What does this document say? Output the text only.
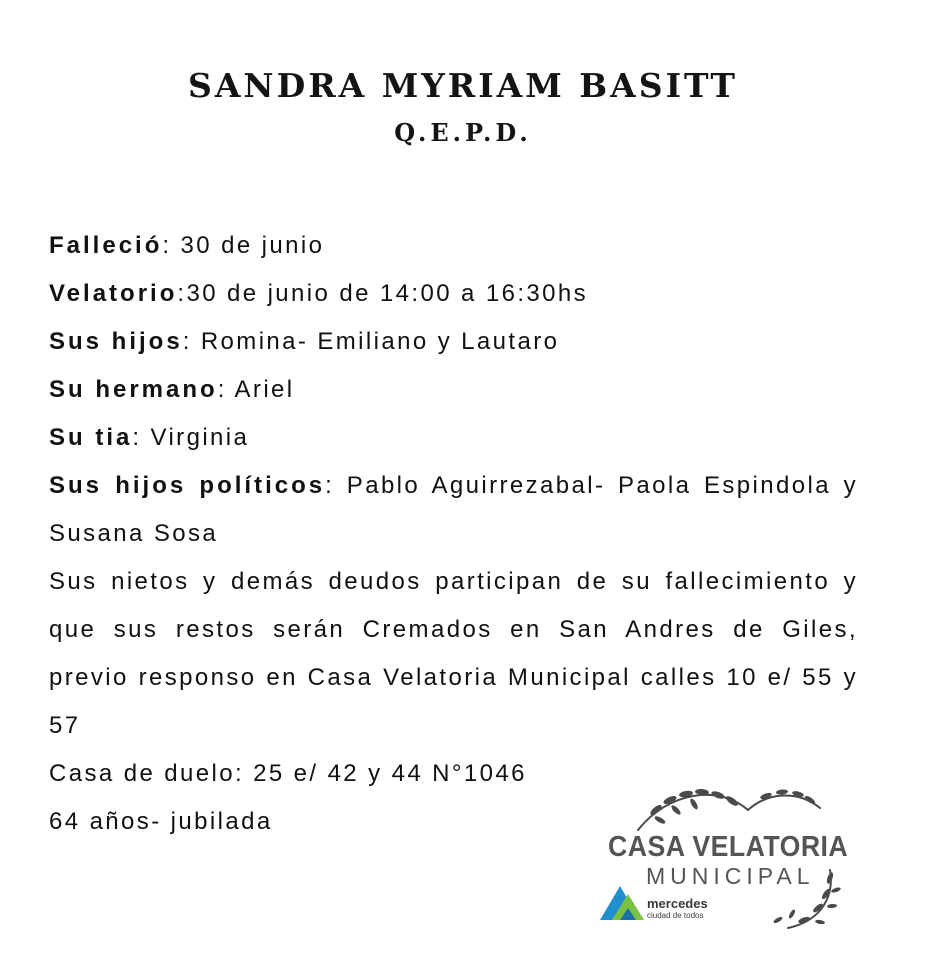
SANDRA MYRIAM BASITT
Q.E.P.D.
Falleció: 30 de junio
Velatorio:30 de junio de 14:00 a 16:30hs
Sus hijos: Romina- Emiliano y Lautaro
Su hermano: Ariel
Su tia: Virginia
Sus hijos políticos: Pablo Aguirrezabal- Paola Espindola y Susana Sosa
Sus nietos y demás deudos participan de su fallecimiento y que sus restos serán Cremados en San Andres de Giles, previo responso en Casa Velatoria Municipal calles 10 e/ 55 y 57
Casa de duelo: 25 e/ 42 y 44 N°1046
64 años- jubilada
CASA VELATORIA
MUNICIPAL
mercedes
ciudad de todos
